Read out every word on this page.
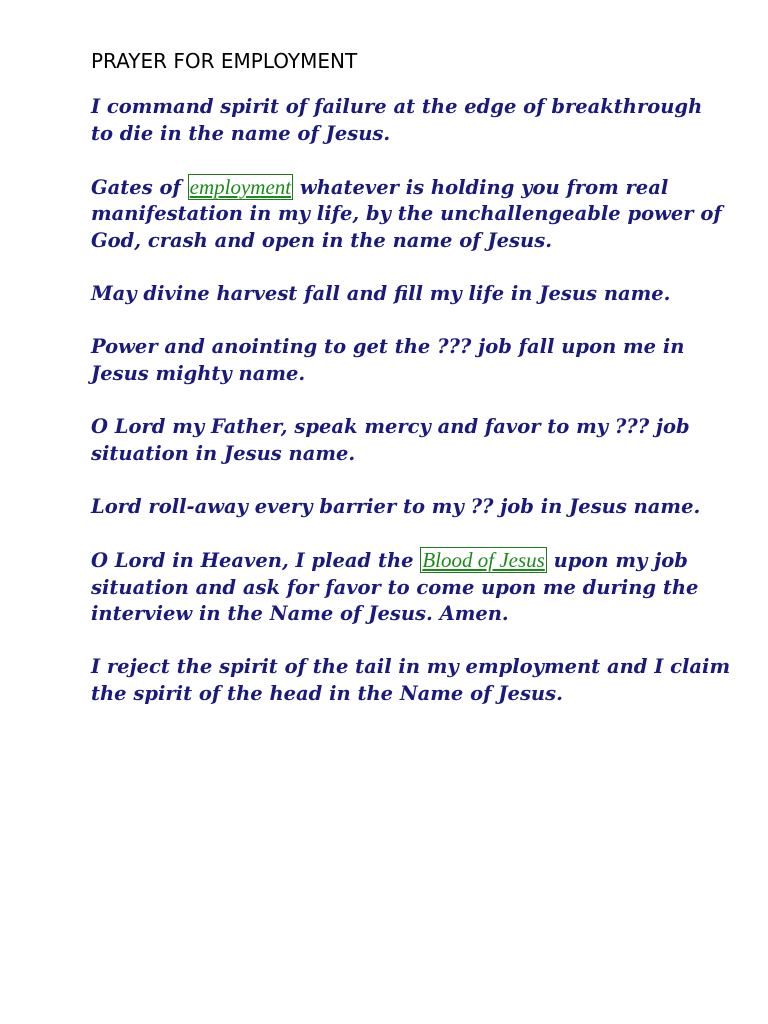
PRAYER FOR EMPLOYMENT

I command spirit of failure at the edge of breakthrough to die in the name of Jesus.

Gates of employment whatever is holding you from real manifestation in my life, by the unchallengeable power of God, crash and open in the name of Jesus.

May divine harvest fall and fill my life in Jesus name.

Power and anointing to get the ??? job fall upon me in Jesus mighty name.

O Lord my Father, speak mercy and favor to my ??? job situation in Jesus name.

Lord roll-away every barrier to my ?? job in Jesus name.

O Lord in Heaven, I plead the Blood of Jesus upon my job situation and ask for favor to come upon me during the interview in the Name of Jesus. Amen.

I reject the spirit of the tail in my employment and I claim the spirit of the head in the Name of Jesus.
